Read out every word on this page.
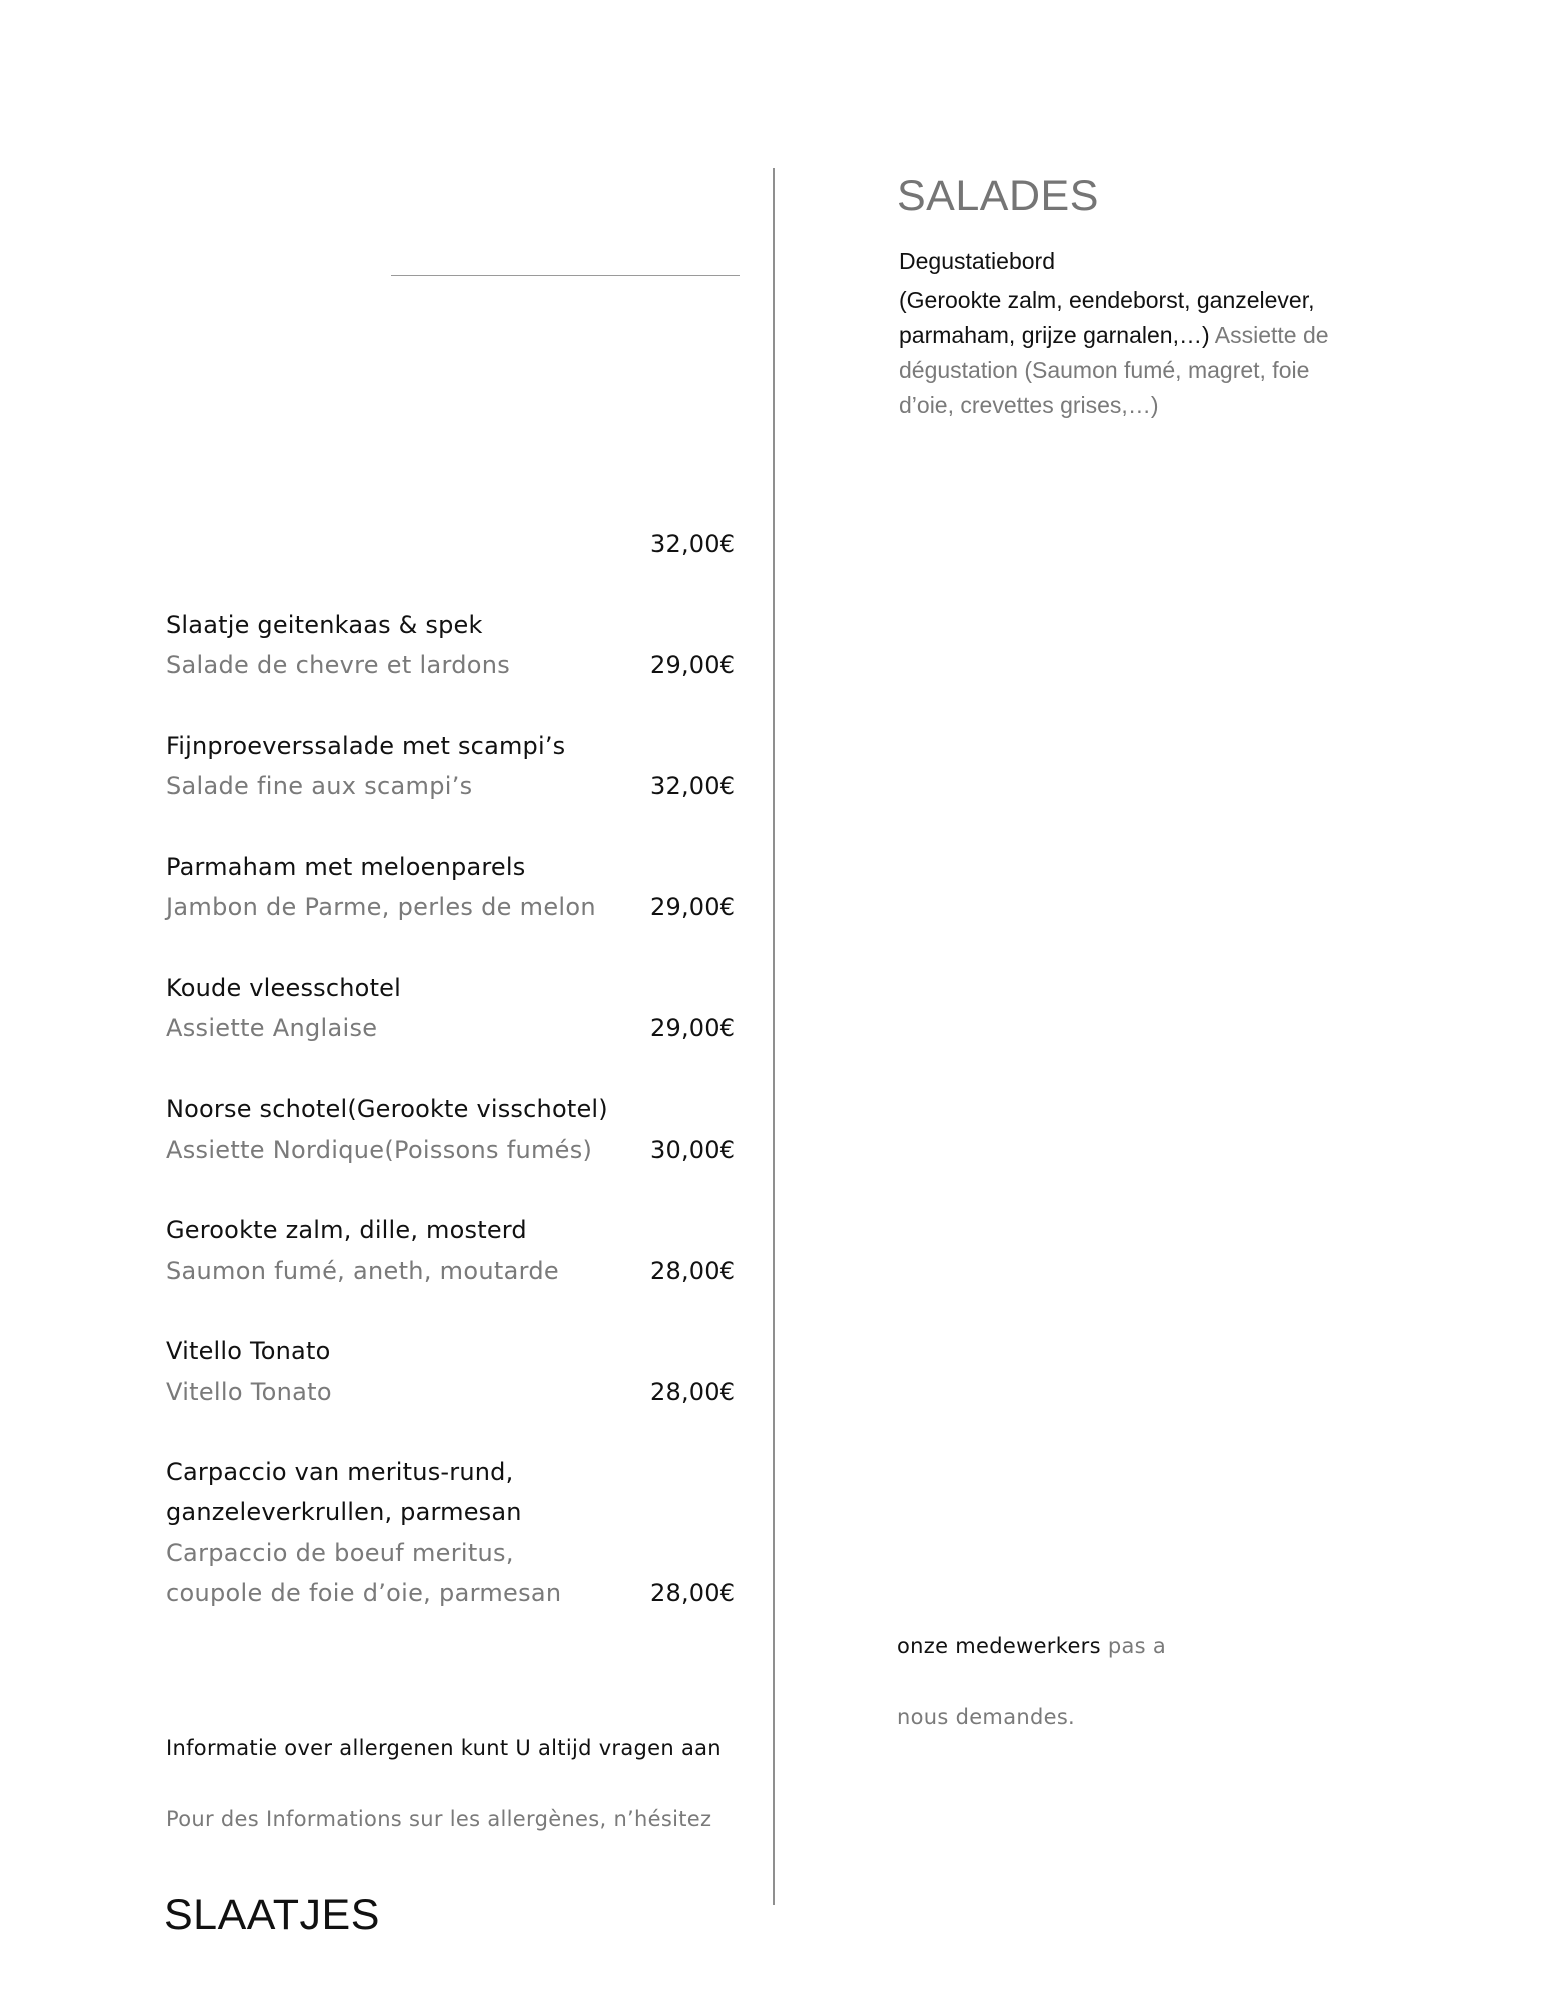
SALADES
Degustatiebord
(Gerookte zalm, eendeborst, ganzelever, parmaham, grijze garnalen,…) Assiette de dégustation (Saumon fumé, magret, foie d’oie, crevettes grises,…)
32,00€
Slaatje geitenkaas & spek
Salade de chevre et lardons	29,00€
Fijnproeverssalade met scampi’s
Salade fine aux scampi’s	32,00€
Parmaham met meloenparels
Jambon de Parme, perles de melon 29,00€
Koude vleesschotel
Assiette Anglaise	29,00€
Noorse schotel(Gerookte visschotel)
Assiette Nordique(Poissons fumés) 30,00€
Gerookte zalm, dille, mosterd
Saumon fumé, aneth, moutarde	28,00€
Vitello Tonato
Vitello Tonato	28,00€
Carpaccio van meritus-rund,
ganzeleverkrullen, parmesan
Carpaccio de boeuf meritus,
coupole de foie d’oie, parmesan	28,00€
onze medewerkers pas a
nous demandes.
Informatie over allergenen kunt U altijd vragen aan
Pour des Informations sur les allergènes, n’hésitez
SLAATJES
